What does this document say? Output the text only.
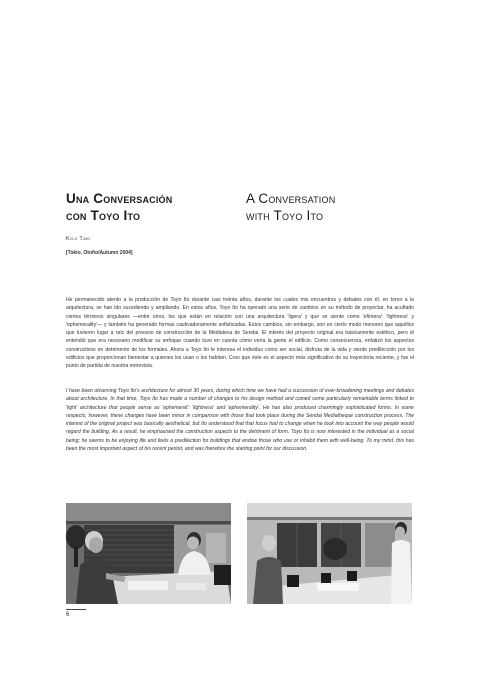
Una Conversación
con Toyo Ito
A Conversation
with Toyo Ito
Koji Taki
[Tokio, Otoño/Autumn 2004]

He permanecido atento a la producción de Toyo Ito durante casi treinta años, durante los cuales mis encuentros y debates con él, en torno a la arquitectura, se han ido sucediendo y ampliando. En estos años, Toyo Ito ha operado una serie de cambios en su método de proyectar, ha acuñado ciertos términos singulares —entre otros, los que están en relación con una arquitectura 'ligera' y que se siente como 'efímera': 'lightness' y 'ephemerality'— y también ha generado formas cautivadoramente sofisticadas. Estos cambios, sin embargo, son en cierto modo menores que aquéllos que tuvieron lugar a raíz del proceso de construcción de la Mediateca de Sendai. El interés del proyecto original era básicamente estético, pero él entendió que era necesario modificar su enfoque cuando tuvo en cuenta cómo vería la gente el edificio. Como consecuencia, enfatizó los aspectos constructivos en detrimento de los formales. Ahora a Toyo Ito le interesa el individuo como ser social, disfruta de la vida y siente predilección por los edificios que proporcionan bienestar a quienes los usan o los habitan. Creo que éste es el aspecto más significativo de su trayectoria reciente, y fue el punto de partida de nuestra entrevista.

I have been observing Toyo Ito's architecture for almost 30 years, during which time we have had a succession of ever-broadening meetings and debates about architecture. In that time, Toyo Ito has made a number of changes to his design method and coined some particularly remarkable terms linked to 'light' architecture that people sense as 'ephemeral': 'lightness' and 'ephemerality'. He has also produced charmingly sophisticated forms. In some respects, however, these changes have been minor in comparison with those that took place during the Sendai Mediatheque construction process. The interest of the original project was basically aesthetical, but Ito understood that that focus had to change when he took into account the way people would regard the building. As a result, he emphasised the construction aspects to the detriment of form. Toyo Ito is now interested in the individual as a social being; he seems to be enjoying life and feels a predilection for buildings that endow those who use or inhabit them with well-being. To my mind, this has been the most important aspect of his recent period, and was therefore the starting point for our discussion.

6
